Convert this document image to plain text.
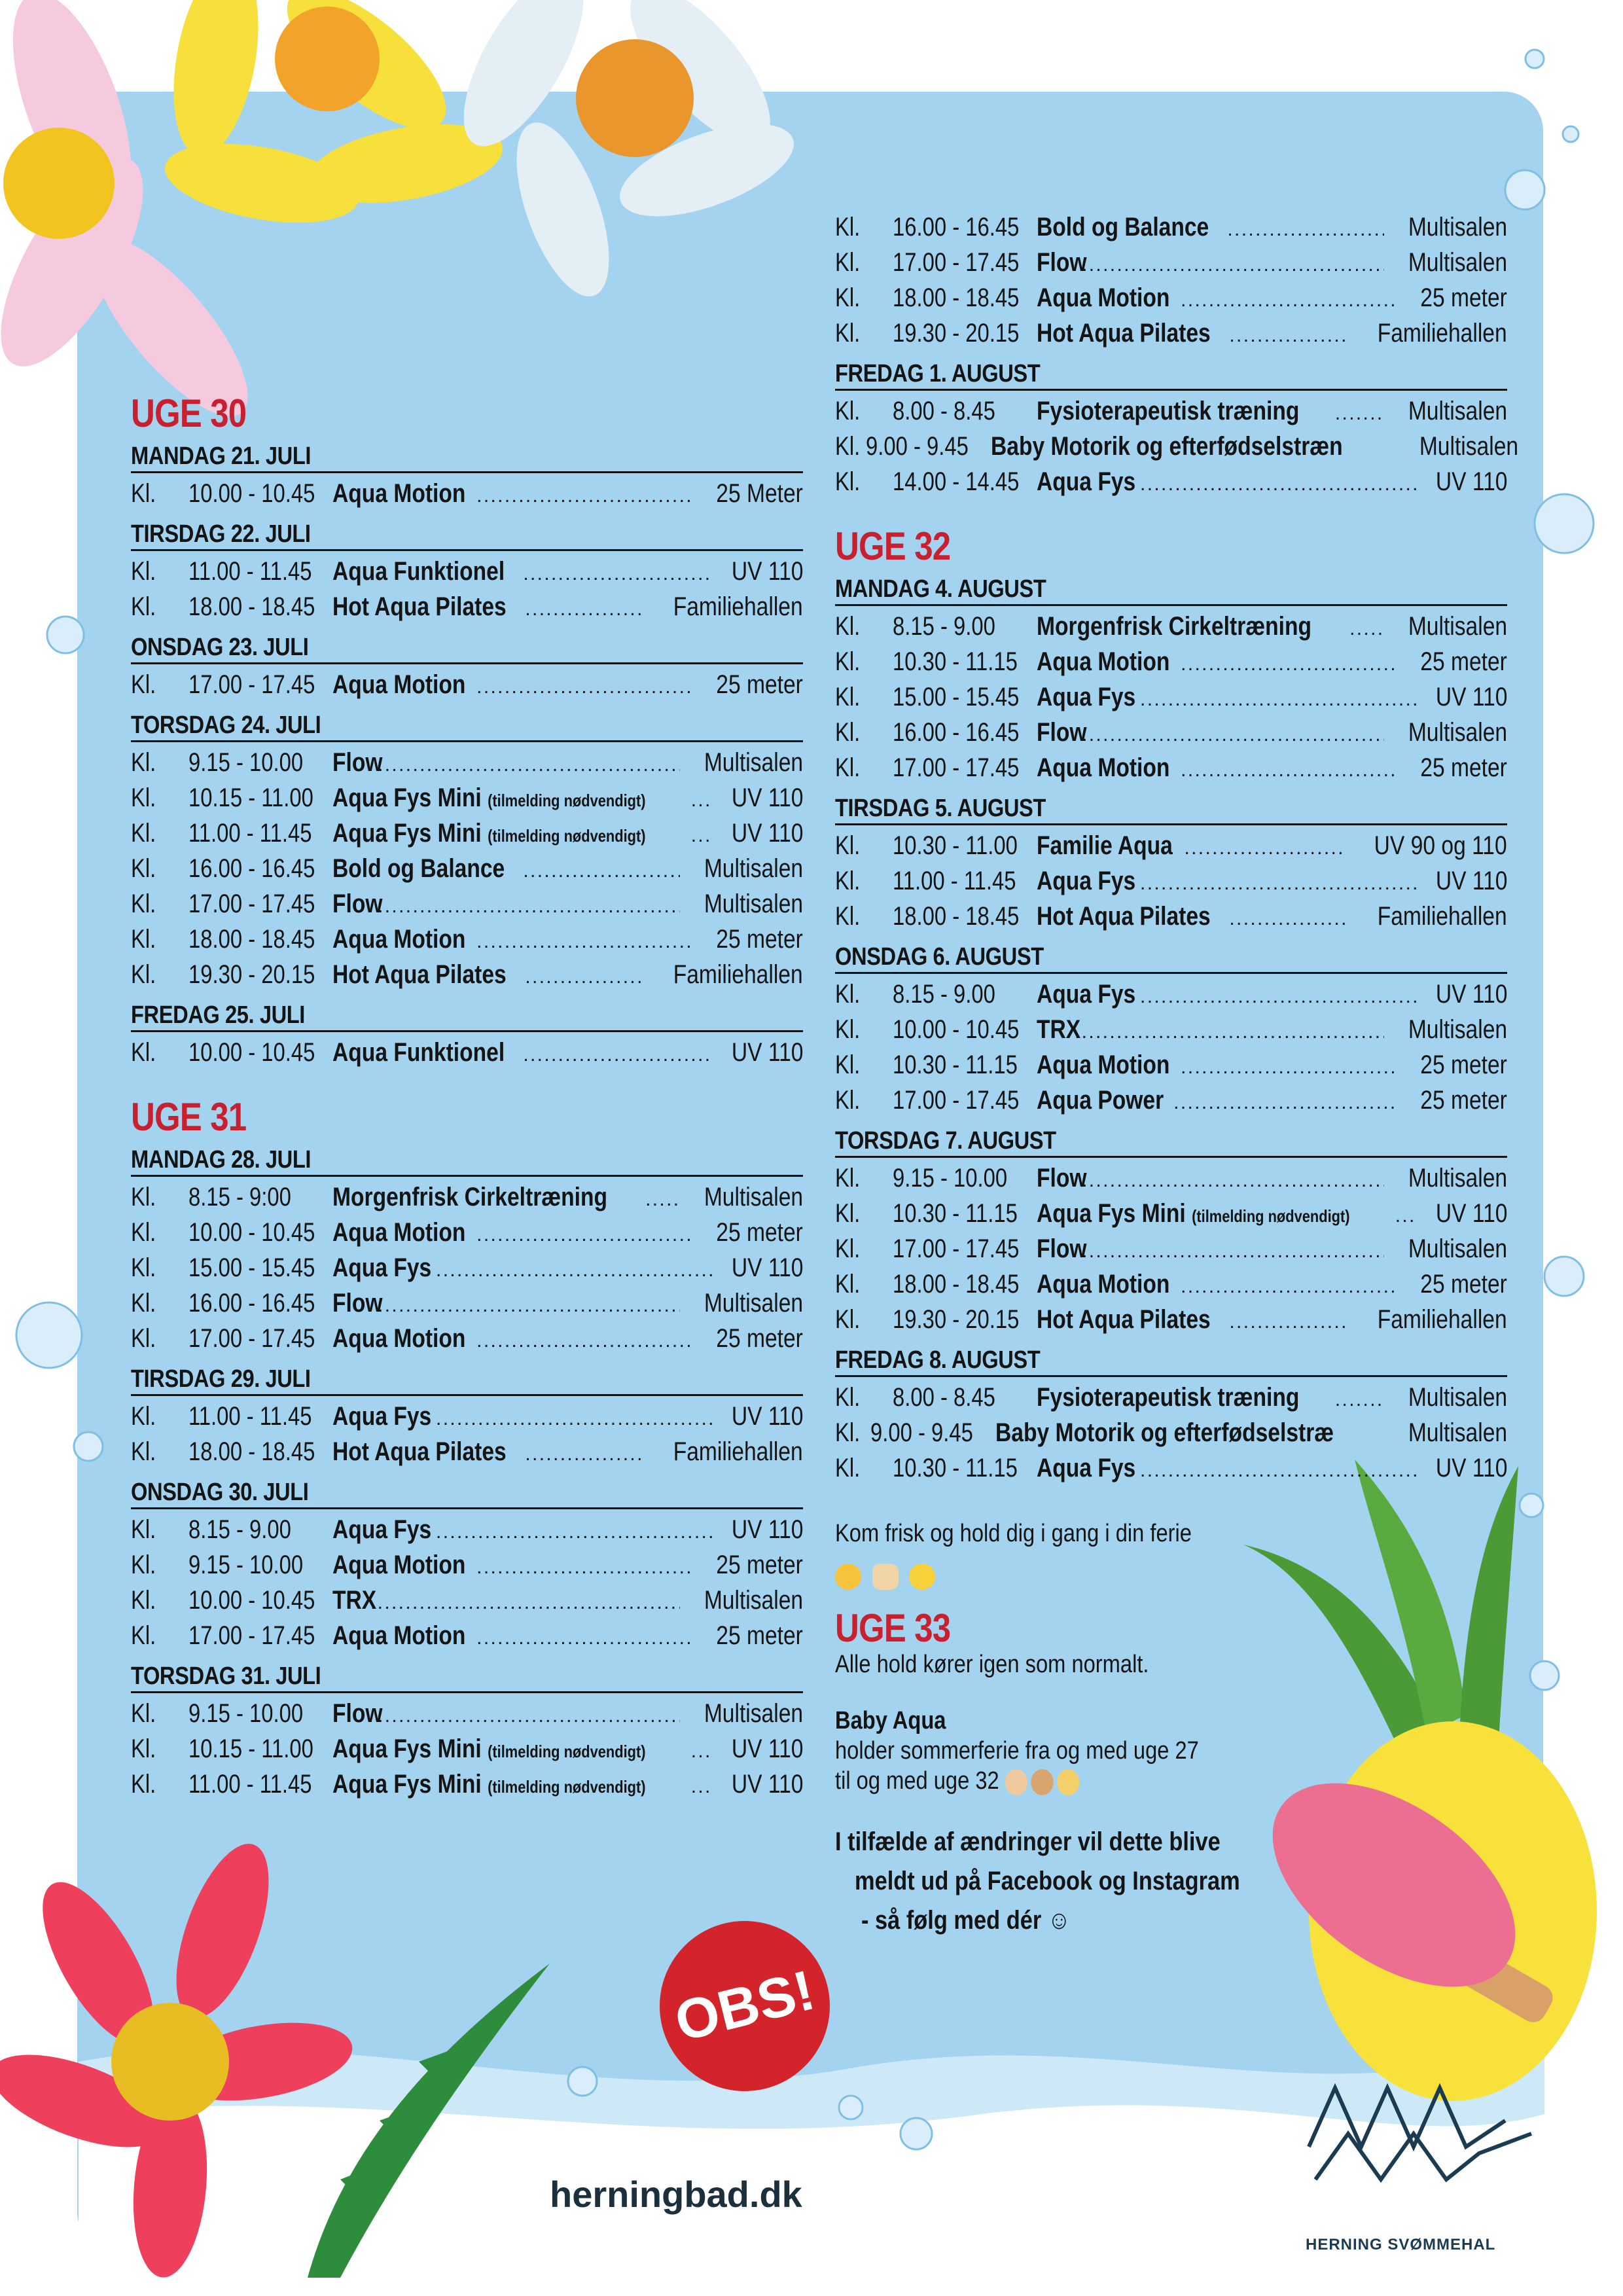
UGE 30
MANDAG 21. JULI
Kl.	10.00 - 10.45 Aqua Motion . . .	25 Meter
TIRSDAG 22. JULI
Kl.	11.00 - 11.45 Aqua Funktionel . . .	UV 110
Kl.	18.00 - 18.45 Hot Aqua Pilates . . .	Familiehallen
ONSDAG 23. JULI
Kl.	17.00 - 17.45 Aqua Motion . . .	25 meter
TORSDAG 24. JULI
Kl.	9.15 - 10.00 Flow . . .	Multisalen
Kl.	10.15 - 11.00 Aqua Fys Mini (tilmelding nødvendigt) . . .	UV 110
Kl.	11.00 - 11.45 Aqua Fys Mini (tilmelding nødvendigt) . . .	UV 110
Kl.	16.00 - 16.45 Bold og Balance . . .	Multisalen
Kl.	17.00 - 17.45 Flow . . .	Multisalen
Kl.	18.00 - 18.45 Aqua Motion . . .	25 meter
Kl.	19.30 - 20.15 Hot Aqua Pilates . . .	Familiehallen
FREDAG 25. JULI
Kl.	10.00 - 10.45 Aqua Funktionel . . .	UV 110
UGE 31
MANDAG 28. JULI
Kl.	8.15 - 9:00	Morgenfrisk Cirkeltræning . . .	Multisalen
Kl.	10.00 - 10.45 Aqua Motion . . .	25 meter
Kl.	15.00 - 15.45 Aqua Fys . . .	UV 110
Kl.	16.00 - 16.45 Flow . . .	Multisalen
Kl.	17.00 - 17.45 Aqua Motion . . .	25 meter
TIRSDAG 29. JULI
Kl.	11.00 - 11.45 Aqua Fys . . .	UV 110
Kl.	18.00 - 18.45 Hot Aqua Pilates . . .	Familiehallen
ONSDAG 30. JULI
Kl.	8.15 - 9.00	Aqua Fys . . .	UV 110
Kl.	9.15 - 10.00 Aqua Motion . . .	25 meter
Kl.	10.00 - 10.45 TRX . . .	Multisalen
Kl.	17.00 - 17.45 Aqua Motion . . .	25 meter
TORSDAG 31. JULI
Kl.	9.15 - 10.00 Flow . . .	Multisalen
Kl.	10.15 - 11.00 Aqua Fys Mini (tilmelding nødvendigt) . . .	UV 110
Kl.	11.00 - 11.45 Aqua Fys Mini (tilmelding nødvendigt) . . .	UV 110
Kl.	16.00 - 16.45 Bold og Balance . . .	Multisalen
Kl.	17.00 - 17.45 Flow . . .	Multisalen
Kl.	18.00 - 18.45 Aqua Motion . . .	25 meter
Kl.	19.30 - 20.15 Hot Aqua Pilates . . .	Familiehallen
FREDAG 1. AUGUST
Kl.	8.00 - 8.45	Fysioterapeutisk træning . . .	Multisalen
Kl. 9.00 - 9.45 Baby Motorik og efterfødselstræn	Multisalen
Kl.	14.00 - 14.45 Aqua Fys . . .	UV 110
UGE 32
MANDAG 4. AUGUST
Kl.	8.15 - 9.00	Morgenfrisk Cirkeltræning . . .	Multisalen
Kl.	10.30 - 11.15 Aqua Motion . . .	25 meter
Kl.	15.00 - 15.45 Aqua Fys . . .	UV 110
Kl.	16.00 - 16.45 Flow . . .	Multisalen
Kl.	17.00 - 17.45 Aqua Motion . . .	25 meter
TIRSDAG 5. AUGUST
Kl.	10.30 - 11.00 Familie Aqua . . .	UV 90 og 110
Kl.	11.00 - 11.45 Aqua Fys . . .	UV 110
Kl.	18.00 - 18.45 Hot Aqua Pilates . . .	Familiehallen
ONSDAG 6. AUGUST
Kl.	8.15 - 9.00	Aqua Fys . . .	UV 110
Kl.	10.00 - 10.45 TRX . . .	Multisalen
Kl.	10.30 - 11.15 Aqua Motion . . .	25 meter
Kl.	17.00 - 17.45 Aqua Power . . .	25 meter
TORSDAG 7. AUGUST
Kl.	9.15 - 10.00 Flow . . .	Multisalen
Kl.	10.30 - 11.15 Aqua Fys Mini (tilmelding nødvendigt) . . .	UV 110
Kl.	17.00 - 17.45 Flow . . .	Multisalen
Kl.	18.00 - 18.45 Aqua Motion . . .	25 meter
Kl.	19.30 - 20.15 Hot Aqua Pilates . . .	Familiehallen
FREDAG 8. AUGUST
Kl.	8.00 - 8.45	Fysioterapeutisk træning . . .	Multisalen
Kl. 9.00 - 9.45 Baby Motorik og efterfødselstræ	Multisalen
Kl.	10.30 - 11.15 Aqua Fys . . .	UV 110
Kom frisk og hold dig i gang i din ferie

UGE 33
Alle hold kører igen som normalt.
Baby Aqua
holder sommerferie fra og med uge 27
til og med uge 32
I tilfælde af ændringer vil dette blive
meldt ud på Facebook og Instagram
- så følg med dér ☺
OBS!
herningbad.dk
HERNING SVØMMEHAL
